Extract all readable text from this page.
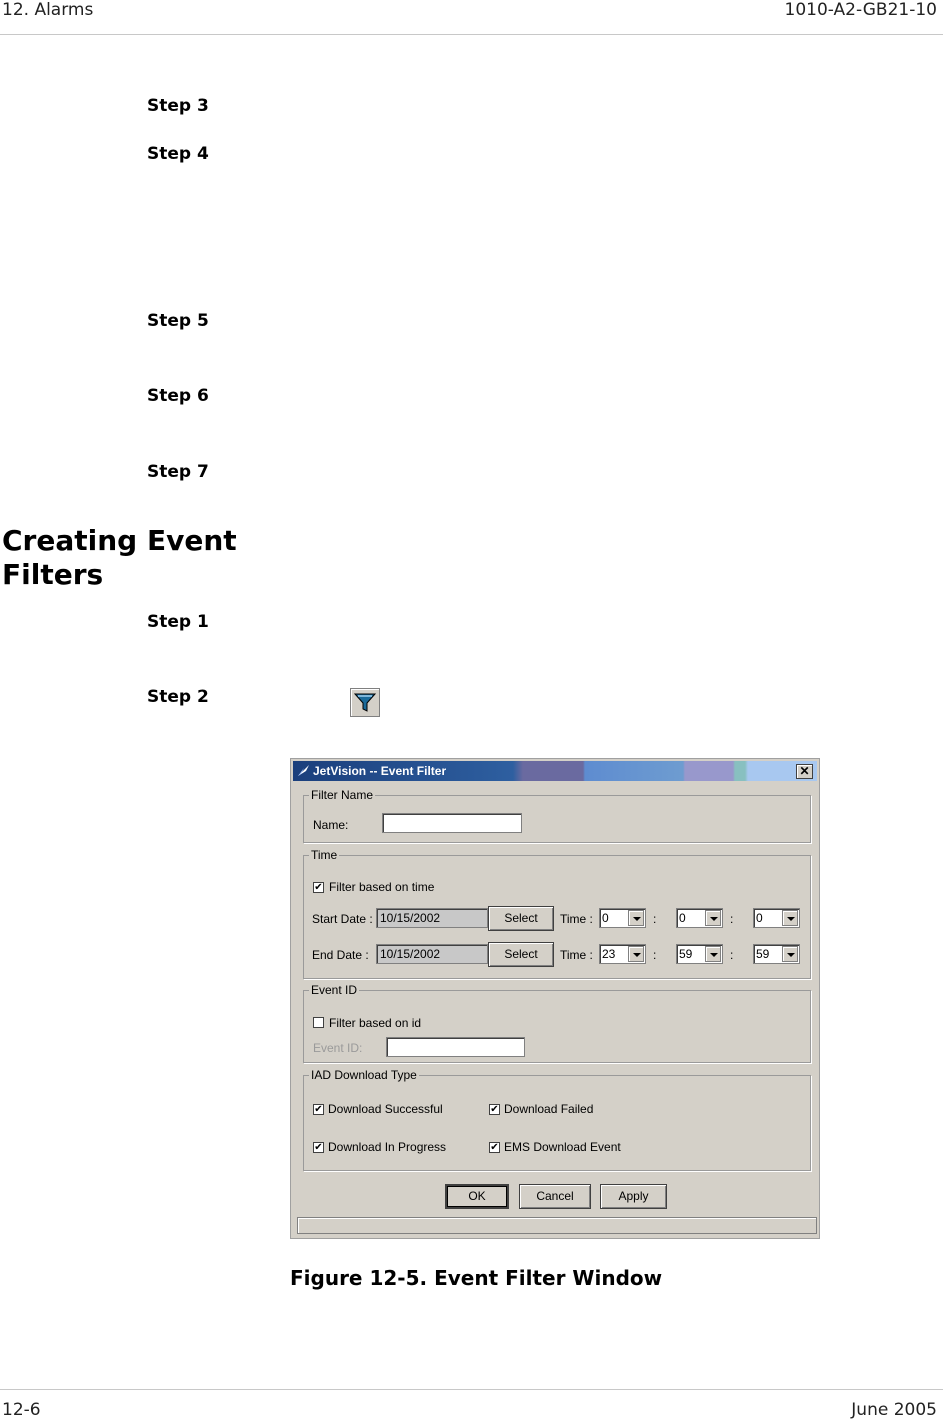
12. Alarms	1010-A2-GB21-10
Step 3
Step 4
Step 5
Step 6
Step 7
Creating Event
Filters
Step 1
Step 2
JetVision -- Event Filter	✕
Filter Name
Name:
Time
✔ Filter based on time
Start Date : 10/15/2002	Select	Time : 0	: 0	: 0
End Date : 10/15/2002	Select	Time : 23	: 59	: 59
Event ID
Filter based on id
Event ID:
IAD Download Type
✔ Download Successful	✔ Download Failed
✔ Download In Progress	✔ EMS Download Event
OK	Cancel	Apply
Figure 12-5. Event Filter Window
12-6	June 2005
